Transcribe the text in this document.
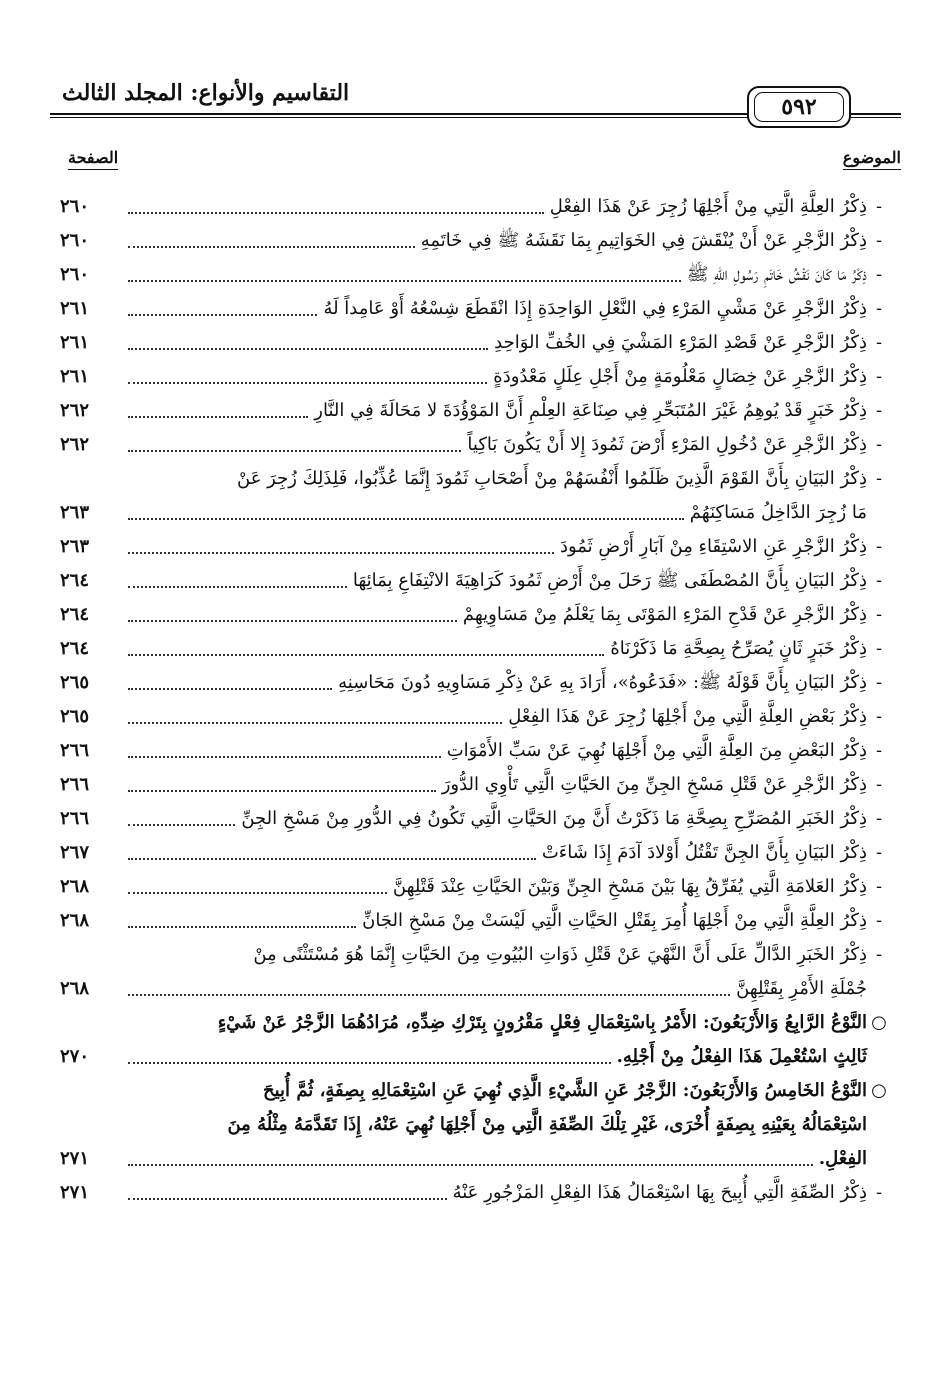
التقاسيم والأنواع: المجلد الثالث
٥٩٢
الموضوع
الصفحة
-
ذِكْرُ العِلَّةِ الَّتِي مِنْ أَجْلِهَا زُجِرَ عَنْ هَذَا الفِعْلِ
٢٦٠
-
ذِكْرُ الزَّجْرِ عَنْ أَنْ يُنْقَشَ فِي الخَوَاتِيمِ بِمَا نَقَشَهُ ﷺ فِي خَاتَمِهِ
٢٦٠
-
ذِكْرُ مَا كَانَ نَقْشُ خَاتَمِ رَسُولِ اللهِ ﷺ
٢٦٠
-
ذِكْرُ الزَّجْرِ عَنْ مَشْيِ المَرْءِ فِي النَّعْلِ الوَاحِدَةِ إِذَا انْقَطَعَ شِسْعُهُ أَوْ عَامِداً لَهُ
٢٦١
-
ذِكْرُ الزَّجْرِ عَنْ قَصْدِ المَرْءِ المَشْيَ فِي الخُفِّ الوَاحِدِ
٢٦١
-
ذِكْرُ الزَّجْرِ عَنْ خِصَالٍ مَعْلُومَةٍ مِنْ أَجْلِ عِلَلٍ مَعْدُودَةٍ
٢٦١
-
ذِكْرُ خَبَرٍ قَدْ يُوهِمُ غَيْرَ المُتَبَحِّرِ فِي صِنَاعَةِ العِلْمِ أَنَّ المَوْؤُدَةَ لا مَحَالَةَ فِي النَّارِ
٢٦٢
-
ذِكْرُ الزَّجْرِ عَنْ دُخُولِ المَرْءِ أَرْضَ ثَمُودَ إِلا أَنْ يَكُونَ بَاكِياً
٢٦٢
-
ذِكْرُ البَيَانِ بِأَنَّ القَوْمَ الَّذِينَ ظَلَمُوا أَنْفُسَهُمْ مِنْ أَصْحَابِ ثَمُودَ إِنَّمَا عُذِّبُوا، فَلِذَلِكَ زُجِرَ عَنْ
مَا زُجِرَ الدَّاخِلُ مَسَاكِنَهُمْ
٢٦٣
-
ذِكْرُ الزَّجْرِ عَنِ الاسْتِقَاءِ مِنْ آبَارِ أَرْضِ ثَمُودَ
٢٦٣
-
ذِكْرُ البَيَانِ بِأَنَّ المُصْطَفَى ﷺ رَحَلَ مِنْ أَرْضِ ثَمُودَ كَرَاهِيَةَ الانْتِفَاعِ بِمَائِهَا
٢٦٤
-
ذِكْرُ الزَّجْرِ عَنْ قَدْحِ المَرْءِ المَوْتَى بِمَا يَعْلَمُ مِنْ مَسَاوِيهِمْ
٢٦٤
-
ذِكْرُ خَبَرٍ ثَانٍ يُصَرِّحُ بِصِحَّةِ مَا ذَكَرْنَاهُ
٢٦٤
-
ذِكْرُ البَيَانِ بِأَنَّ قَوْلَهُ ﷺ: «فَدَعُوهُ»، أَرَادَ بِهِ عَنْ ذِكْرِ مَسَاوِيهِ دُونَ مَحَاسِنِهِ
٢٦٥
-
ذِكْرُ بَعْضِ العِلَّةِ الَّتِي مِنْ أَجْلِهَا زُجِرَ عَنْ هَذَا الفِعْلِ
٢٦٥
-
ذِكْرُ البَعْضِ مِنَ العِلَّةِ الَّتِي مِنْ أَجْلِهَا نُهِيَ عَنْ سَبِّ الأَمْوَاتِ
٢٦٦
-
ذِكْرُ الزَّجْرِ عَنْ قَتْلِ مَسْخِ الجِنِّ مِنَ الحَيَّاتِ الَّتِي تَأْوِي الدُّورَ
٢٦٦
-
ذِكْرُ الخَبَرِ المُصَرِّحِ بِصِحَّةِ مَا ذَكَرْتُ أَنَّ مِنَ الحَيَّاتِ الَّتِي تَكُونُ فِي الدُّورِ مِنْ مَسْخِ الجِنِّ
٢٦٦
-
ذِكْرُ البَيَانِ بِأَنَّ الجِنَّ تَقْتُلُ أَوْلادَ آدَمَ إِذَا شَاءَتْ
٢٦٧
-
ذِكْرُ العَلامَةِ الَّتِي يُفَرِّقُ بِهَا بَيْنَ مَسْخِ الجِنِّ وَبَيْنَ الحَيَّاتِ عِنْدَ قَتْلِهِنَّ
٢٦٨
-
ذِكْرُ العِلَّةِ الَّتِي مِنْ أَجْلِهَا أُمِرَ بِقَتْلِ الحَيَّاتِ الَّتِي لَيْسَتْ مِنْ مَسْخِ الجَانِّ
٢٦٨
-
ذِكْرُ الخَبَرِ الدَّالِّ عَلَى أَنَّ النَّهْيَ عَنْ قَتْلِ ذَوَاتِ البُيُوتِ مِنَ الحَيَّاتِ إِنَّمَا هُوَ مُسْتَثْنًى مِنْ
جُمْلَةِ الأَمْرِ بِقَتْلِهِنَّ
٢٦٨
○
النَّوْعُ الرَّابِعُ وَالأَرْبَعُونَ: الأَمْرُ بِاسْتِعْمَالِ فِعْلٍ مَقْرُونٍ بِتَرْكِ ضِدِّهِ، مُرَادُهُمَا الزَّجْرُ عَنْ شَيْءٍ
ثَالِثٍ اسْتُعْمِلَ هَذَا الفِعْلُ مِنْ أَجْلِهِ.
٢٧٠
○
النَّوْعُ الخَامِسُ وَالأَرْبَعُونَ: الزَّجْرُ عَنِ الشَّيْءِ الَّذِي نُهِيَ عَنِ اسْتِعْمَالِهِ بِصِفَةٍ، ثُمَّ أُبِيحَ
اسْتِعْمَالُهُ بِعَيْنِهِ بِصِفَةٍ أُخْرَى، غَيْرِ تِلْكَ الصِّفَةِ الَّتِي مِنْ أَجْلِهَا نُهِيَ عَنْهُ، إِذَا تَقَدَّمَهُ مِثْلُهُ مِنَ
الفِعْلِ.
٢٧١
-
ذِكْرُ الصِّفَةِ الَّتِي أُبِيحَ بِهَا اسْتِعْمَالُ هَذَا الفِعْلِ المَزْجُورِ عَنْهُ
٢٧١
